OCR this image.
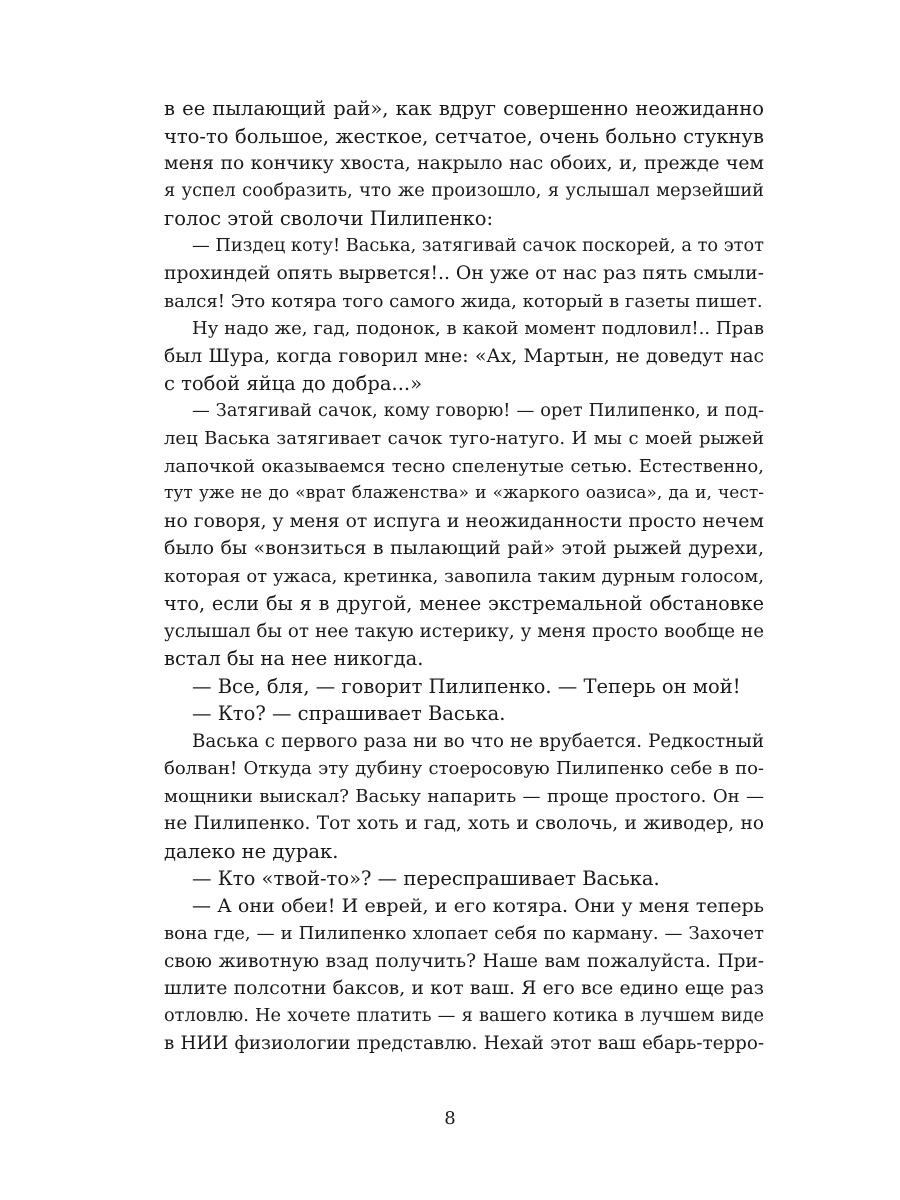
в ее пылающий рай», как вдруг совершенно неожиданно
что-то большое, жесткое, сетчатое, очень больно стукнув
меня по кончику хвоста, накрыло нас обоих, и, прежде чем
я успел сообразить, что же произошло, я услышал мерзейший
голос этой сволочи Пилипенко:
— Пиздец коту! Васька, затягивай сачок поскорей, а то этот
прохиндей опять вырвется!.. Он уже от нас раз пять смыли-
вался! Это котяра того самого жида, который в газеты пишет.
Ну надо же, гад, подонок, в какой момент подловил!.. Прав
был Шура, когда говорил мне: «Ах, Мартын, не доведут нас
с тобой яйца до добра...»
— Затягивай сачок, кому говорю! — орет Пилипенко, и под-
лец Васька затягивает сачок туго-натуго. И мы с моей рыжей
лапочкой оказываемся тесно спеленутые сетью. Естественно,
тут уже не до «врат блаженства» и «жаркого оазиса», да и, чест-
но говоря, у меня от испуга и неожиданности просто нечем
было бы «вонзиться в пылающий рай» этой рыжей дурехи,
которая от ужаса, кретинка, завопила таким дурным голосом,
что, если бы я в другой, менее экстремальной обстановке
услышал бы от нее такую истерику, у меня просто вообще не
встал бы на нее никогда.
— Все, бля, — говорит Пилипенко. — Теперь он мой!
— Кто? — спрашивает Васька.
Васька с первого раза ни во что не врубается. Редкостный
болван! Откуда эту дубину стоеросовую Пилипенко себе в по-
мощники выискал? Ваську напарить — проще простого. Он —
не Пилипенко. Тот хоть и гад, хоть и сволочь, и живодер, но
далеко не дурак.
— Кто «твой-то»? — переспрашивает Васька.
— А они обеи! И еврей, и его котяра. Они у меня теперь
вона где, — и Пилипенко хлопает себя по карману. — Захочет
свою животную взад получить? Наше вам пожалуйста. При-
шлите полсотни баксов, и кот ваш. Я его все едино еще раз
отловлю. Не хочете платить — я вашего котика в лучшем виде
в НИИ физиологии представлю. Нехай этот ваш ебарь-терро-
8
